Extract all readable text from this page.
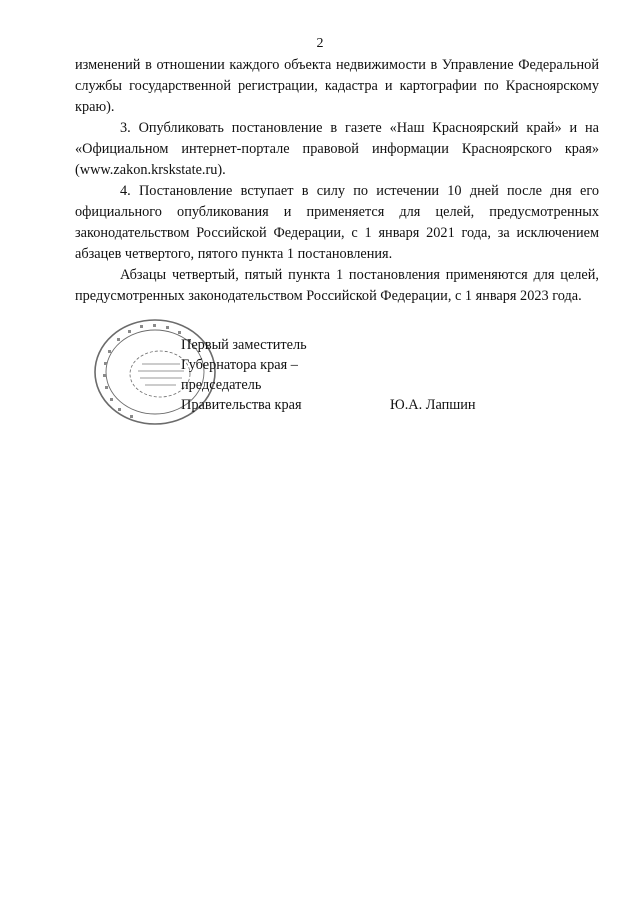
2

изменений в отношении каждого объекта недвижимости в Управление Федеральной службы государственной регистрации, кадастра и картографии по Красноярскому краю).

3. Опубликовать постановление в газете «Наш Красноярский край» и на «Официальном интернет-портале правовой информации Красноярского края» (www.zakon.krskstate.ru).

4. Постановление вступает в силу по истечении 10 дней после дня его официального опубликования и применяется для целей, предусмотренных законодательством Российской Федерации, с 1 января 2021 года, за исключением абзацев четвертого, пятого пункта 1 постановления.

Абзацы четвертый, пятый пункта 1 постановления применяются для целей, предусмотренных законодательством Российской Федерации, с 1 января 2023 года.

Первый заместитель
Губернатора края –
председатель
Правительства края	Ю.А. Лапшин
